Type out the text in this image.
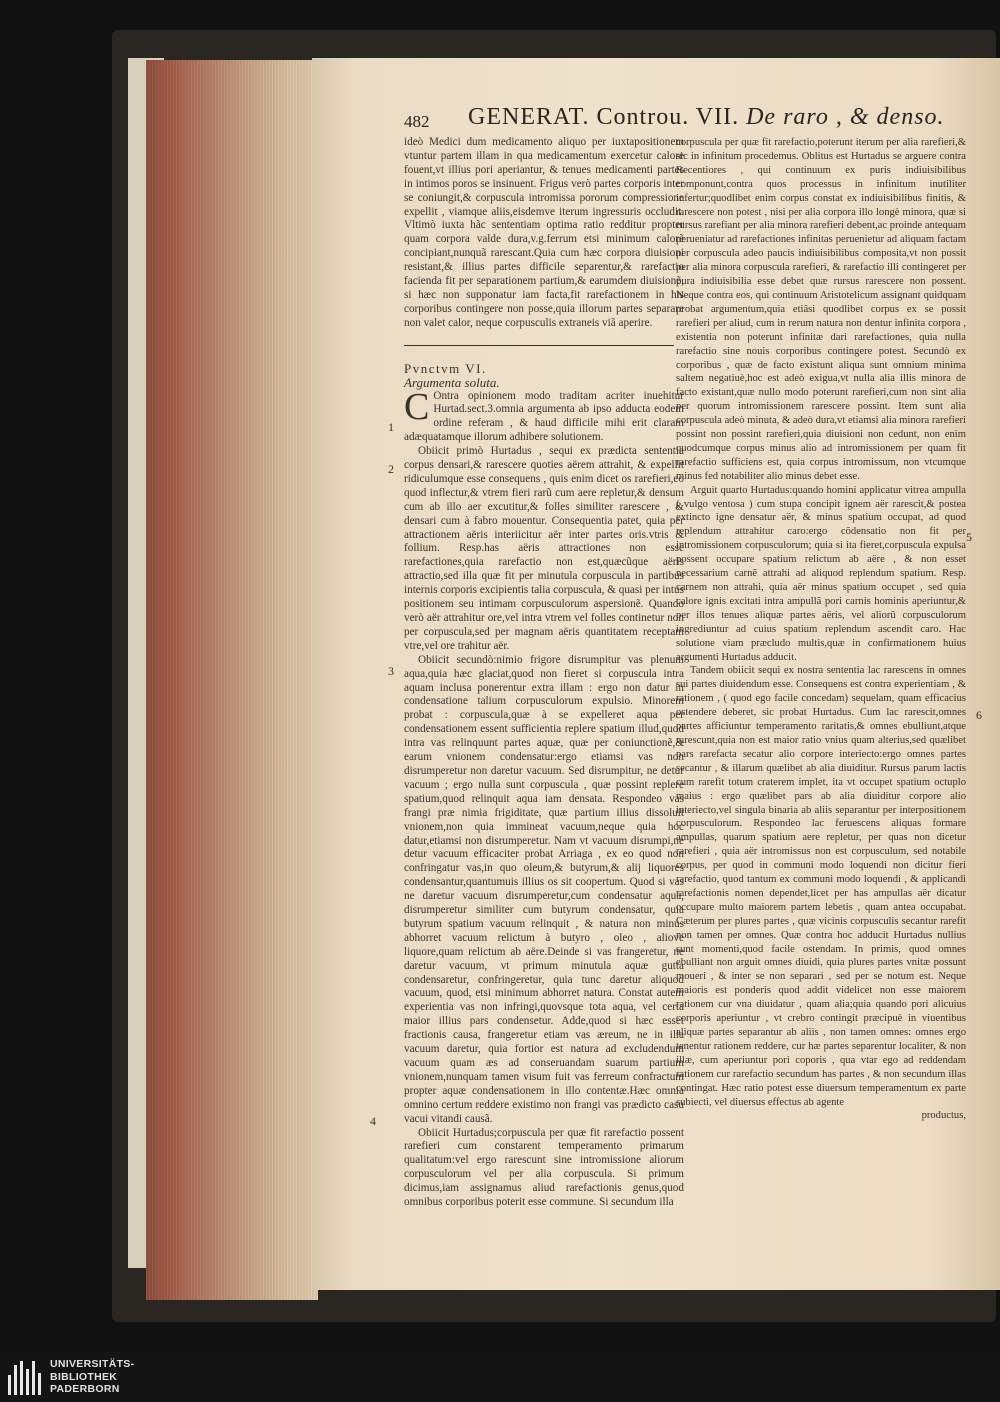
482 GENERAT. Controu. VII. De raro , & denso.

ideò Medici dum medicamento aliquo per iuxtapositionem vtuntur partem illam in qua medicamentum exercetur calore fouent,vt illius pori aperiantur, & tenues medicamenti partes in intimos poros se insinuent. Frigus verò partes corporis inter se coniungit,& corpuscula intromissa pororum compressione expellit , viamque aliis,eisdemve iterum ingressuris occludit. Vltimò iuxta hãc sententiam optima ratio redditur propter quam corpora valde dura,v.g.ferrum etsi minimum calorẽ concipiant,nunquã rarescant.Quia cum hæc corpora diuisioni resistant,& illius partes difficile separentur,& rarefactio facienda fit per separationem partium,& earumdem diuisionẽ, si hæc non supponatur iam facta,fit rarefactionem in his corporibus contingere non posse,quia illorum partes separare non valet calor, neque corpusculis extraneis viã aperire.

Pvnctvm VI.

Argumenta soluta.

C Ontra opinionem modo traditam acriter inuehitur Hurtad.sect.3.omnia argumenta ab ipso adducta eodem ordine referam , & haud difficile mihi erit claram adæquatamque illorum adhibere solutionem.

Obiicit primò Hurtadus , sequi ex prædicta sententia corpus densari,& rarescere quoties aërem attrahit, & expellit ridiculumque esse consequens , quis enim dicet os rarefieri,eo quod inflectur,& vtrem fieri rarũ cum aere repletur,& densum cum ab illo aer excutitur,& folles similiter rarescere , & densari cum à fabro mouentur. Consequentia patet, quia per attractionem aëris interiicitur aër inter partes oris.vtris & follium. Resp.has aëris attractiones non esse rarefactiones,quia rarefactio non est,quæcũque aëris attractio,sed illa quæ fit per minutula corpuscula in partibus internis corporis excipientis talia corpuscula, & quasi per intus positionem seu intimam corpusculorum aspersionẽ. Quando verò aër attrahitur ore,vel intra vtrem vel folles continetur non per corpuscula,sed per magnam aëris quantitatem receptam vtre,vel ore trahitur aër.

Obiicit secundò:nimio frigore disrumpitur vas plenum aqua,quia hæc glaciat,quod non fieret si corpuscula intra aquam inclusa ponerentur extra illam : ergo non datur in condensatione talium corpusculorum expulsio. Minorem probat : corpuscula,quæ à se expelleret aqua per condensationem essent sufficientia replere spatium illud,quod intra vas relinquunt partes aquæ, quæ per coniunctionẽ,& earum vnionem condensatur:ergo etiamsi vas non disrumperetur non daretur vacuum. Sed disrumpitur, ne detur vacuum ; ergo nulla sunt corpuscula , quæ possint replere spatium,quod relinquit aqua iam densata. Respondeo vas frangi præ nimia frigiditate, quæ partium illius dissoluit vnionem,non quia immineat vacuum,neque quia hoc datur,etiamsi non disrumperetur. Nam vt vacuum disrumpi,ne detur vacuum efficaciter probat Arriaga , ex eo quod non confringatur vas,in quo oleum,& butyrum,& alij liquores condensantur,quantumuis illius os sit coopertum. Quod si vas ne daretur vacuum disrumperetur,cum condensatur aqua, disrumperetur similiter cum butyrum condensatur, quia butyrum spatium vacuum relinquit , & natura non minus abhorret vacuum relictum à butyro , oleo , aliove liquore,quam relictum ab aëre.Deinde si vas frangeretur, ne daretur vacuum, vt primum minutula aquæ gutta condensaretur, confringeretur, quia tunc daretur aliquod vacuum, quod, etsi minimum abhorret natura. Constat autem experientia vas non infringi,quovsque tota aqua, vel certa maior illius pars condensetur. Adde,quod si hæc esset fractionis causa, frangeretur etiam vas æreum, ne in illa vacuum daretur, quia fortior est natura ad excludendum vacuum quam æs ad conseruandam suarum partium vnionem,nunquam tamen visum fuit vas ferreum confractum propter aquæ condensationem in illo contentæ.Hæc omnia omnino certum reddere existimo non frangi vas prædicto casu vacui vitandi causã.

Obiicit Hurtadus;corpuscula per quæ fit rarefactio possent rarefieri cum constarent temperamento primarum qualitatum:vel ergo rarescunt sine intromissione aliorum corpusculorum vel per alia corpuscula. Si primum dicimus,iam assignamus aliud rarefactionis genus,quod omnibus corporibus poterit esse commune. Si secundum illa

1
2
3
4

corpuscula per quæ fit rarefactio,poterunt iterum per alia rarefieri,& sic in infinitum procedemus. Oblitus est Hurtadus se arguere contra Recentiores , qui continuum ex puris indiuisibilibus componunt,contra quos processus in infinitum inutiliter infertur;quodlibet enim corpus constat ex indiuisibilibus finitis, & rarescere non potest , nisi per alia corpora illo longè minora, quæ si rursus rarefiant per alia minora rarefieri debent,ac proinde antequam perueniatur ad rarefactiones infinitas peruenietur ad aliquam factam per corpuscula adeo paucis indiuisibilibus composita,vt non possit per alia minora corpuscula rarefieri, & rarefactio illi contingeret per pura indiuisibilia esse debet quæ rursus rarescere non possent. Neque contra eos, qui continuum Aristotelicum assignant quidquam probat argumentum,quia etiãsi quodlibet corpus ex se possit rarefieri per aliud, cum in rerum natura non dentur infinita corpora , existentia non poterunt infinitæ dari rarefactiones, quia nulla rarefactio sine nouis corporibus contingere potest. Secundò ex corporibus , quæ de facto existunt aliqua sunt omnium minima saltem negatiuè,hoc est adeò exigua,vt nulla alia illis minora de facto existant,quæ nullo modo poterunt rarefieri,cum non sint alia per quorum intromissionem rarescere possint. Item sunt alia corpuscula adeò minuta, & adeò dura,vt etiamsi alia minora rarefieri possint non possint rarefieri,quia diuisioni non cedunt, non enim quodcumque corpus minus alio ad intromissionem per quam fit rarefactio sufficiens est, quia corpus intromissum, non vtcumque minus fed notabiliter alio minus debet esse.

Arguit quarto Hurtadus:quando homini applicatur vitrea ampulla ( vulgo ventosa ) cum stupa concipit ignem aër rarescit,& postea extincto igne densatur aër, & minus spatium occupat, ad quod replendum attrahitur caro:ergo cõdensatio non fit per intromissionem corpusculorum; quia si ita fieret,corpuscula expulsa possent occupare spatium relictum ab aëre , & non esset necessarium carnẽ attrahi ad aliquod replendum spatium. Resp. carnem non attrahi, quia aër minus spatium occupet , sed quia calore ignis excitati intra ampullã pori carnis hominis aperiuntur,& per illos tenues aliquæ partes aëris, vel aliorũ corpusculorum ingrediuntur ad cuius spatium replendum ascendit caro. Hac solutione viam præcludo multis,quæ in confirmationem huius argumenti Hurtadus adducit.

Tandem obiicit sequi ex nostra sententia lac rarescens in omnes sui partes diuidendum esse. Consequens est contra experientiam , & rationem , ( quod ego facile concedam) sequelam, quam efficacius ostendere deberet, sic probat Hurtadus. Cum lac rarescit,omnes partes afficiuntur temperamento raritatis,& omnes ebulliunt,atque rarescunt,quia non est maior ratio vnius quam alterius,sed quælibet pars rarefacta secatur alio corpore interiecto:ergo omnes partes secantur , & illarum quælibet ab alia diuiditur. Rursus parum lactis cum rarefit totum craterem implet, ita vt occupet spatium octuplo maius : ergo quælibet pars ab alia diuiditur corpore alio interiecto,vel singula binaria ab aliis separantur per interpositionem corpusculorum. Respondeo lac feruescens aliquas formare ampullas, quarum spatium aere repletur, per quas non dicetur rarefieri , quia aër intromissus non est corpusculum, sed notabile corpus, per quod in communi modo loquendi non dicitur fieri rarefactio, quod tantum ex communi modo loquendi , & applicandi rarefactionis nomen dependet,licet per has ampullas aër dicatur occupare multo maiorem partem lebetis , quam antea occupabat. Cæterum per plures partes , quæ vicinis corpusculis secantur rarefit non tamen per omnes. Quæ contra hoc adducit Hurtadus nullius sunt momenti,quod facile ostendam. In primis, quod omnes ebulliant non arguit omnes diuidi, quia plures partes vnitæ possunt moueri , & inter se non separari , sed per se notum est. Neque maioris est ponderis quod addit videlicet non esse maiorem rationem cur vna diuidatur , quam alia;quia quando pori alicuius corporis aperiuntur , vt crebro contingit præcipuè in viuentibus aliquæ partes separantur ab aliis , non tamen omnes: omnes ergo tenentur rationem reddere, cur hæ partes separentur localiter, & non illæ, cum aperiuntur pori coporis , qua vtar ego ad reddendam rationem cur rarefactio secundum has partes , & non secundum illas contingat. Hæc ratio potest esse diuersum temperamentum ex parte subiecti, vel diuersus effectus ab agente

productus,

5
6
UNIVERSITÄTS-
BIBLIOTHEK
PADERBORN
